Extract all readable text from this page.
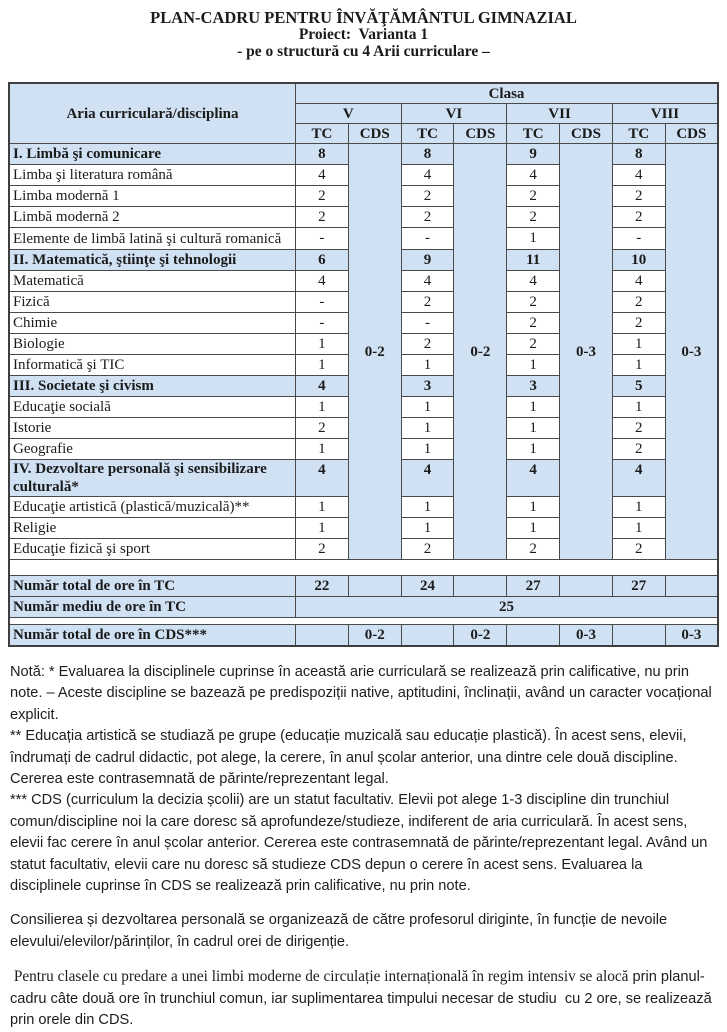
PLAN-CADRU PENTRU ÎNVĂŢĂMÂNTUL GIMNAZIAL
Proiect:  Varianta 1
- pe o structură cu 4 Arii curriculare –
Aria curriculară/disciplina	Clasa							
	V		VI		VII		VIII	
	TC	CDS	TC	CDS	TC	CDS	TC	CDS
I. Limbă şi comunicare	8	0-2	8	0-2	9	0-3	8	0-3
Limba şi literatura română	4		4		4		4	
Limba modernă 1	2		2		2		2	
Limbă modernă 2	2		2		2		2	
Elemente de limbă latină şi cultură romanică	-		-		1		-	
II. Matematică, ştiinţe şi tehnologii	6		9		11		10	
Matematică	4		4		4		4	
Fizică	-		2		2		2	
Chimie	-		-		2		2	
Biologie	1		2		2		1	
Informatică şi TIC	1		1		1		1	
III. Societate şi civism	4		3		3		5	
Educaţie socială	1		1		1		1	
Istorie	2		1		1		2	
Geografie	1		1		1		2	
IV. Dezvoltare personală şi sensibilizare culturală*	4		4		4		4	
Educaţie artistică (plastică/muzicală)**	1		1		1		1	
Religie	1		1		1		1	
Educaţie fizică şi sport	2		2		2		2	

Număr total de ore în TC	22		24		27		27	
Număr mediu de ore în TC	25							

Număr total de ore în CDS***		0-2		0-2		0-3		0-3

Notă: * Evaluarea la disciplinele cuprinse în această arie curriculară se realizează prin calificative, nu prin note. – Aceste discipline se bazează pe predispoziții native, aptitudini, înclinații, având un caracter vocațional explicit.

** Educația artistică se studiază pe grupe (educație muzicală sau educație plastică). În acest sens, elevii, îndrumați de cadrul didactic, pot alege, la cerere, în anul școlar anterior, una dintre cele două discipline. Cererea este contrasemnată de părinte/reprezentant legal.

*** CDS (curriculum la decizia școlii) are un statut facultativ. Elevii pot alege 1-3 discipline din trunchiul comun/discipline noi la care doresc să aprofundeze/studieze, indiferent de aria curriculară. În acest sens, elevii fac cerere în anul școlar anterior. Cererea este contrasemnată de părinte/reprezentant legal. Având un statut facultativ, elevii care nu doresc să studieze CDS depun o cerere în acest sens. Evaluarea la disciplinele cuprinse în CDS se realizează prin calificative, nu prin note.

Consilierea și dezvoltarea personală se organizează de către profesorul diriginte, în funcție de nevoile elevului/elevilor/părinților, în cadrul orei de dirigenție.

Pentru clasele cu predare a unei limbi moderne de circulație internațională în regim intensiv se alocă prin planul-cadru câte două ore în trunchiul comun, iar suplimentarea timpului necesar de studiu  cu 2 ore, se realizează prin orele din CDS.
